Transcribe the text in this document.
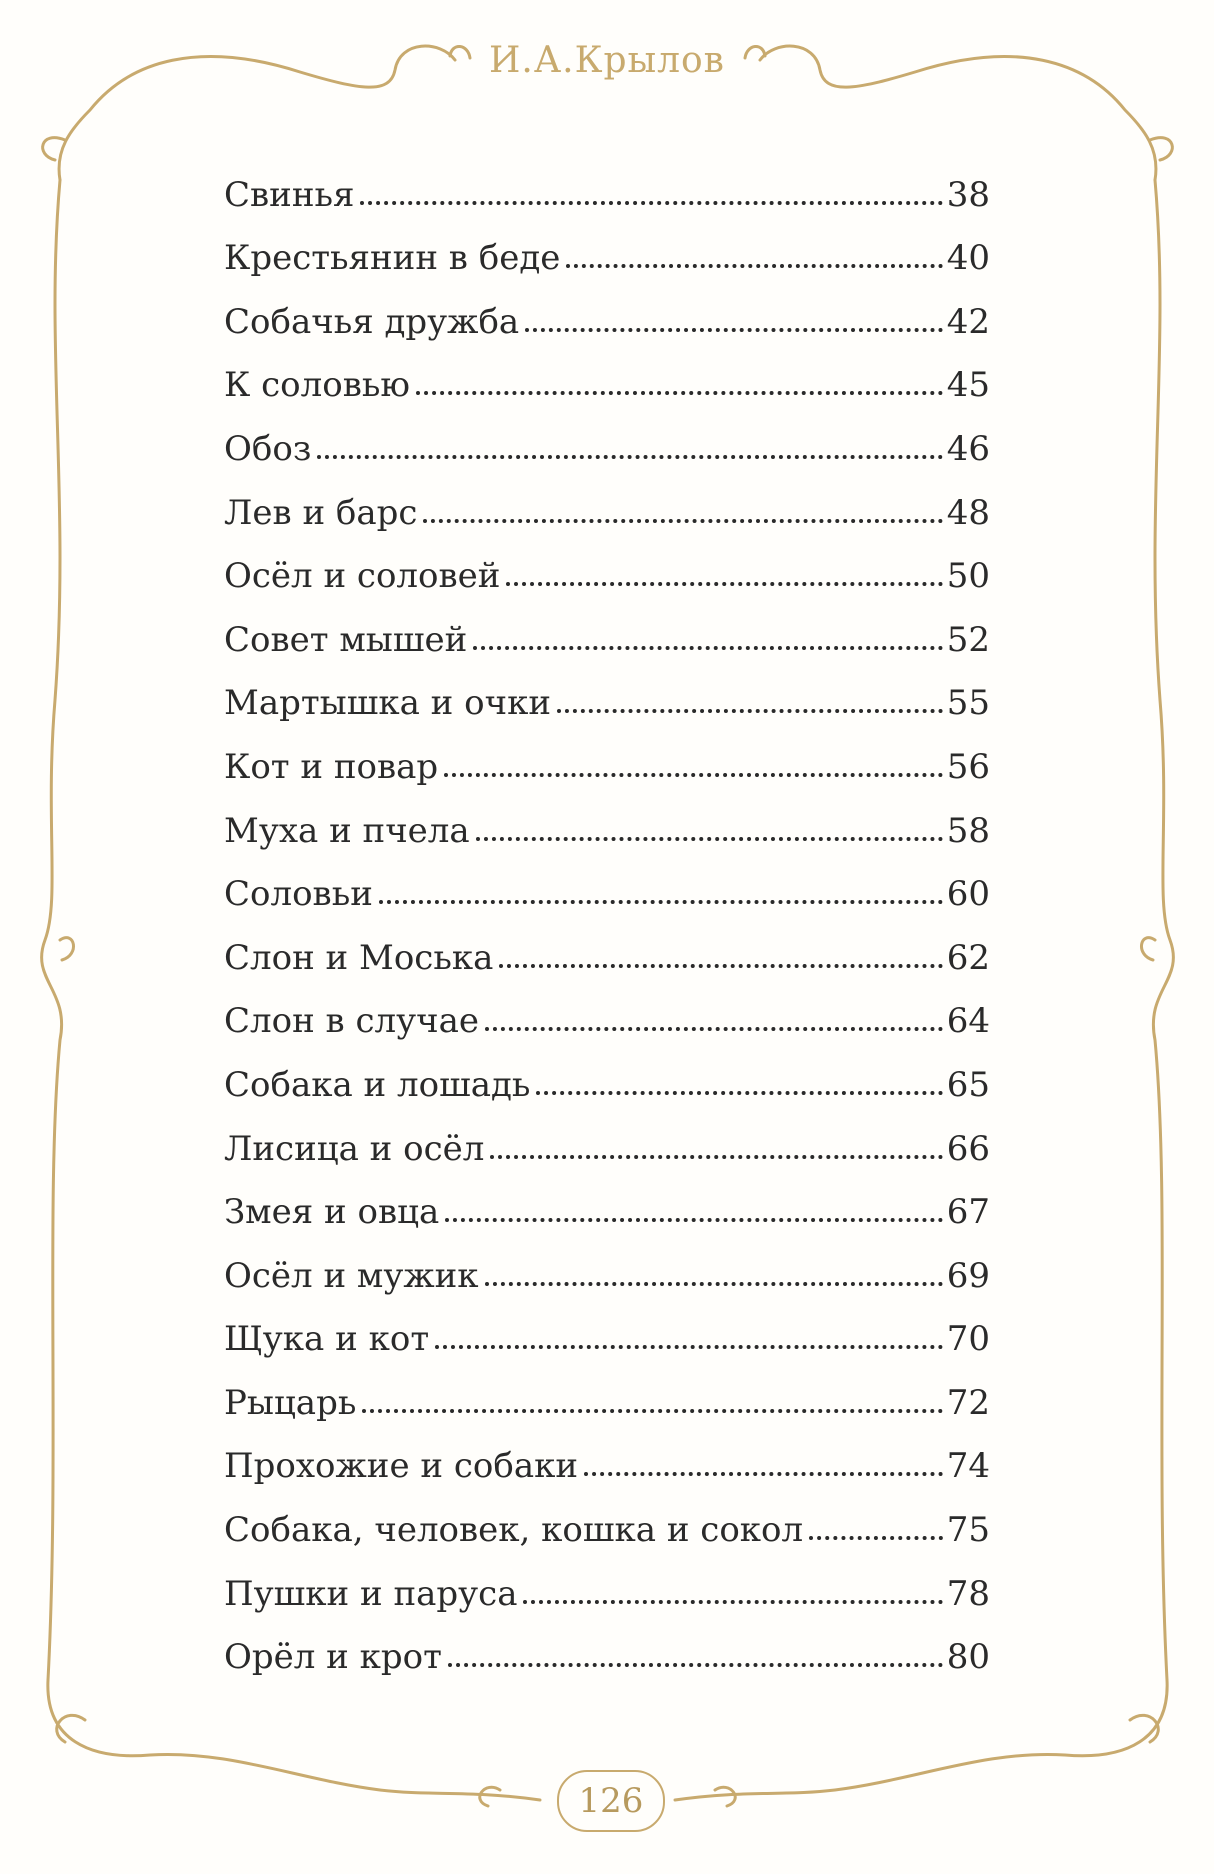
И.А.Крылов
Свинья	38
Крестьянин в беде	40
Собачья дружба	42
К соловью	45
Обоз	46
Лев и барс	48
Осёл и соловей	50
Совет мышей	52
Мартышка и очки	55
Кот и повар	56
Муха и пчела	58
Соловьи	60
Слон и Моська	62
Слон в случае	64
Собака и лошадь	65
Лисица и осёл	66
Змея и овца	67
Осёл и мужик	69
Щука и кот	70
Рыцарь	72
Прохожие и собаки	74
Собака, человек, кошка и сокол	75
Пушки и паруса	78
Орёл и крот	80
126
